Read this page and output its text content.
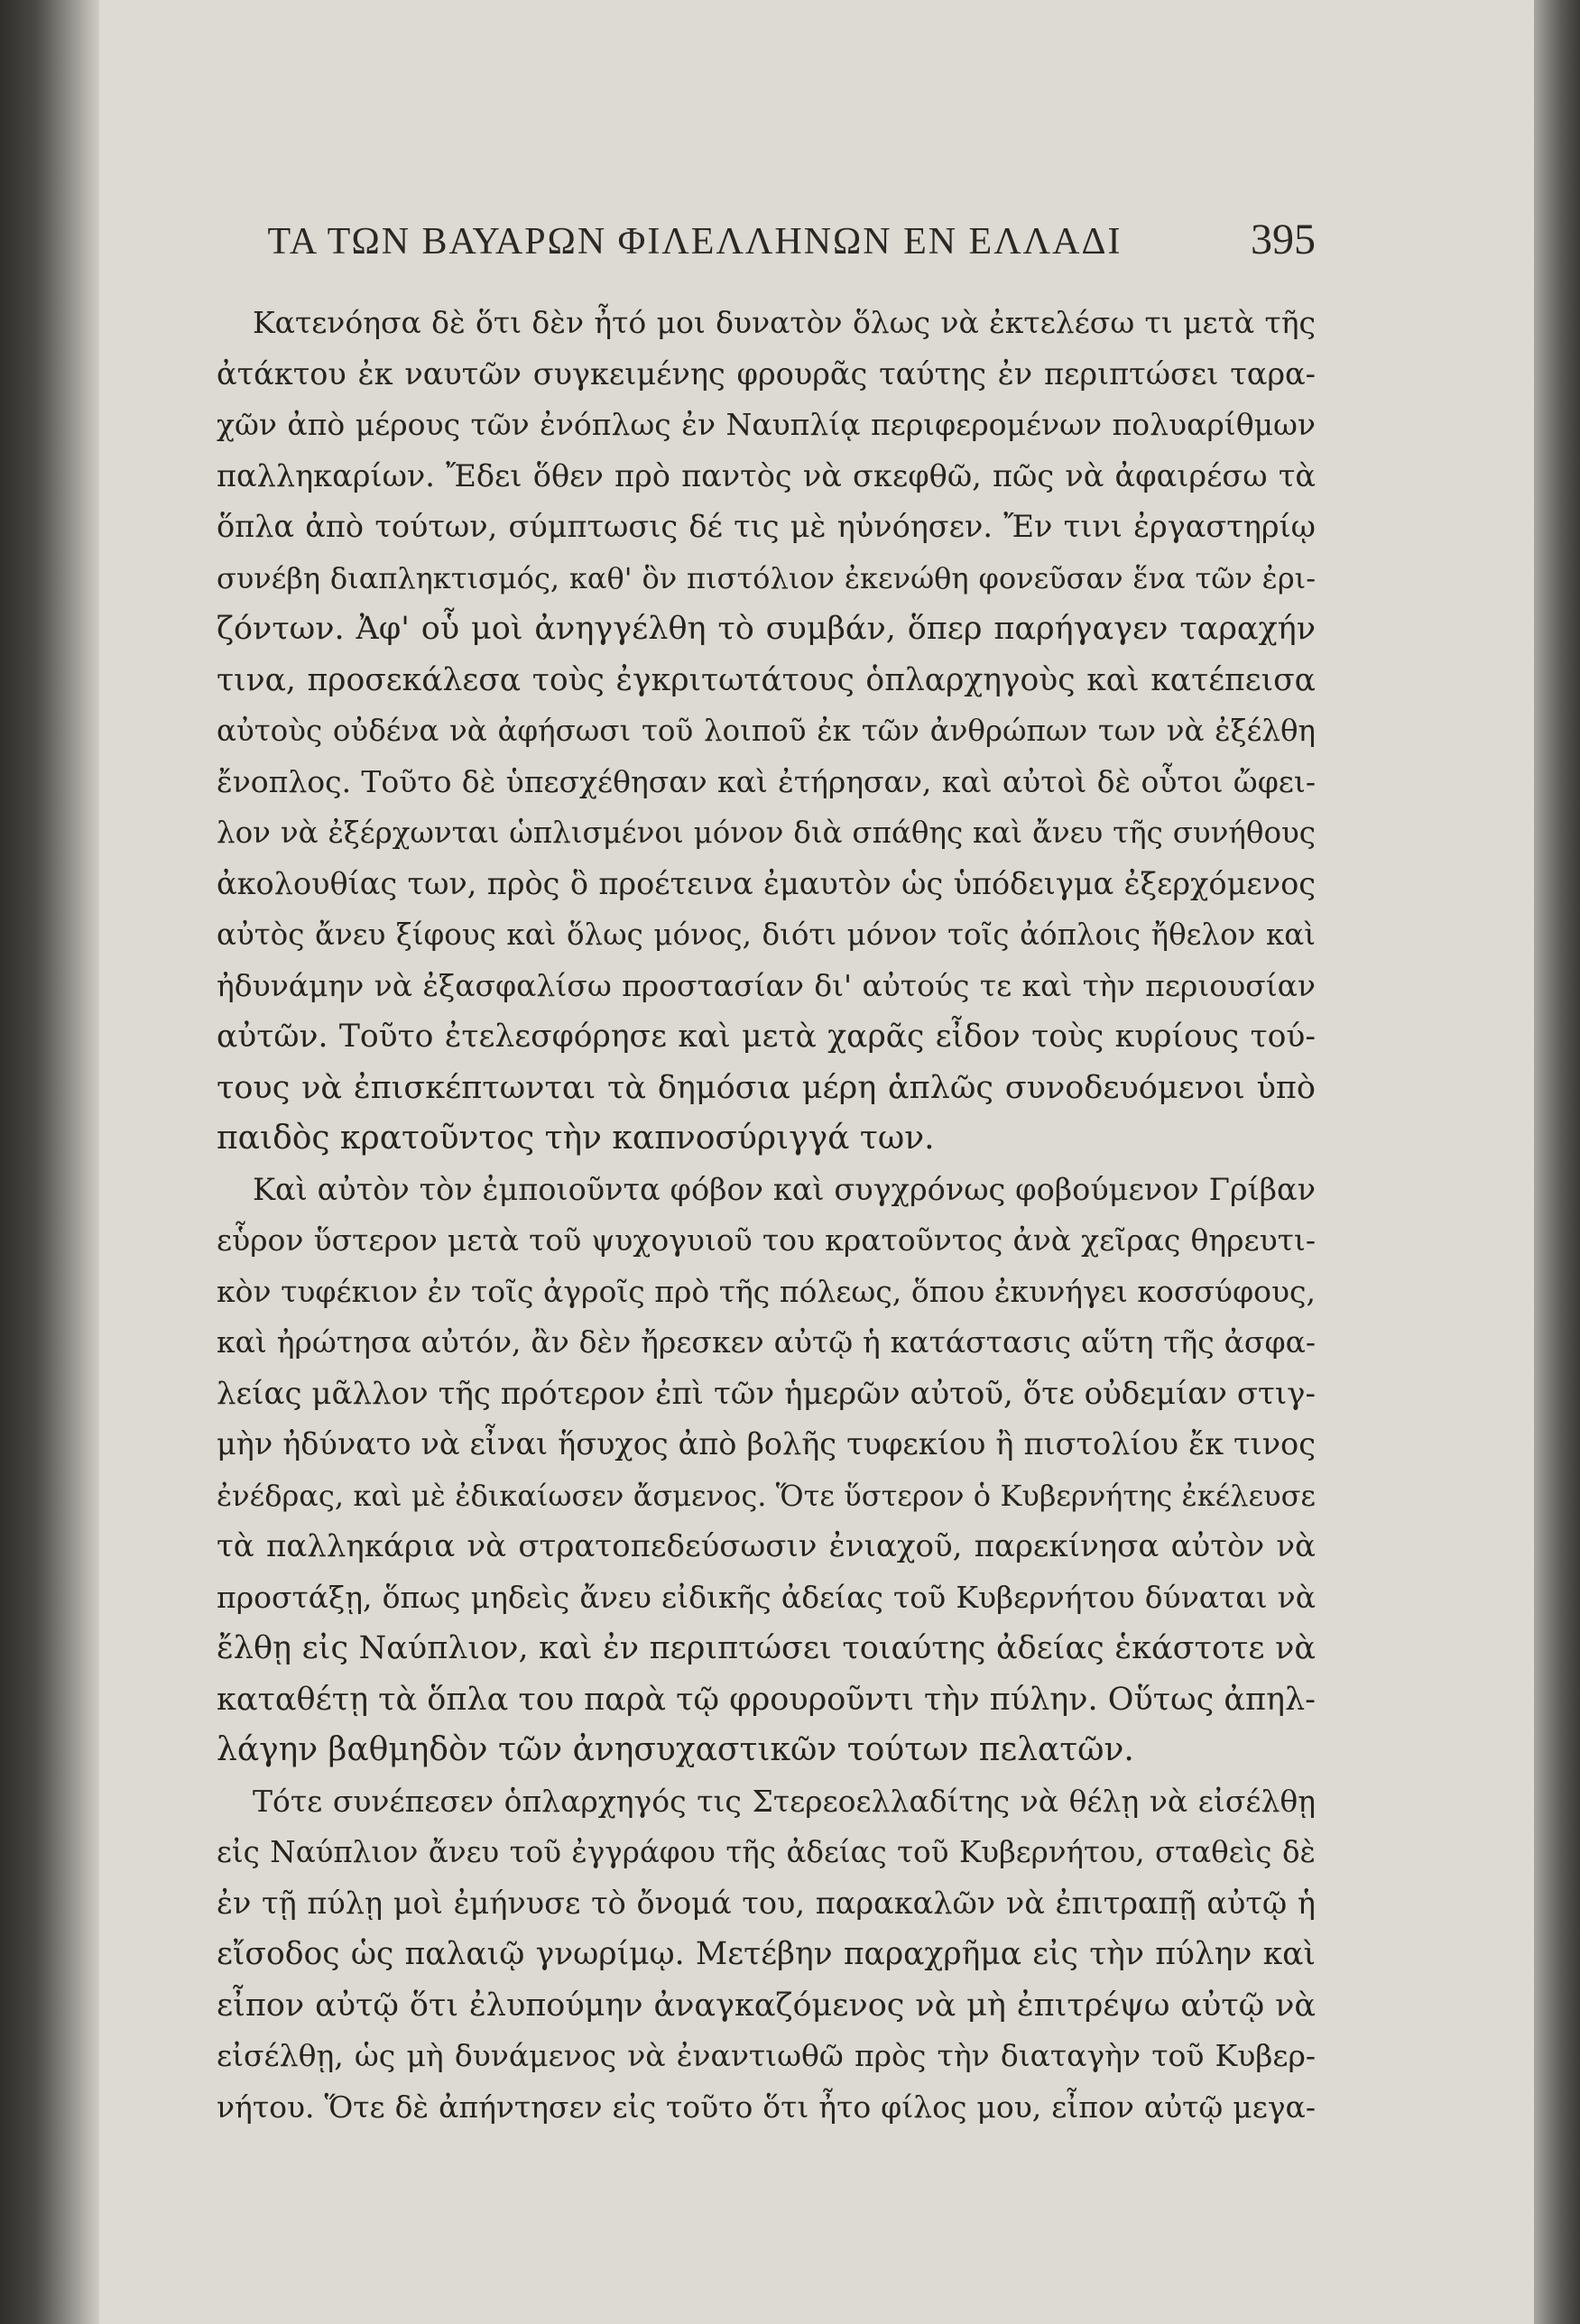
ΤΑ ΤΩΝ ΒΑΥΑΡΩΝ ΦΙΛΕΛΛΗΝΩΝ ΕΝ ΕΛΛΑΔΙ	395
Κατενόησα δὲ ὅτι δὲν ἦτό μοι δυνατὸν ὅλως νὰ ἐκτελέσω τι μετὰ τῆς
ἀτάκτου ἐκ ναυτῶν συγκειμένης φρουρᾶς ταύτης ἐν περιπτώσει ταρα-
χῶν ἀπὸ μέρους τῶν ἐνόπλως ἐν Ναυπλίᾳ περιφερομένων πολυαρίθμων
παλληκαρίων. Ἔδει ὅθεν πρὸ παντὸς νὰ σκεφθῶ, πῶς νὰ ἀφαιρέσω τὰ
ὅπλα ἀπὸ τούτων, σύμπτωσις δέ τις μὲ ηὐνόησεν. Ἔν τινι ἐργαστηρίῳ
συνέβη διαπληκτισμός, καθ' ὃν πιστόλιον ἐκενώθη φονεῦσαν ἕνα τῶν ἐρι-
ζόντων. Ἀφ' οὗ μοὶ ἀνηγγέλθη τὸ συμβάν, ὅπερ παρήγαγεν ταραχήν
τινα, προσεκάλεσα τοὺς ἐγκριτωτάτους ὁπλαρχηγοὺς καὶ κατέπεισα
αὐτοὺς οὐδένα νὰ ἀφήσωσι τοῦ λοιποῦ ἐκ τῶν ἀνθρώπων των νὰ ἐξέλθη
ἔνοπλος. Τοῦτο δὲ ὑπεσχέθησαν καὶ ἐτήρησαν, καὶ αὐτοὶ δὲ οὗτοι ὤφει-
λον νὰ ἐξέρχωνται ὡπλισμένοι μόνον διὰ σπάθης καὶ ἄνευ τῆς συνήθους
ἀκολουθίας των, πρὸς ὃ προέτεινα ἐμαυτὸν ὡς ὑπόδειγμα ἐξερχόμενος
αὐτὸς ἄνευ ξίφους καὶ ὅλως μόνος, διότι μόνον τοῖς ἀόπλοις ἤθελον καὶ
ἠδυνάμην νὰ ἐξασφαλίσω προστασίαν δι' αὐτούς τε καὶ τὴν περιουσίαν
αὐτῶν. Τοῦτο ἐτελεσφόρησε καὶ μετὰ χαρᾶς εἶδον τοὺς κυρίους τού-
τους νὰ ἐπισκέπτωνται τὰ δημόσια μέρη ἁπλῶς συνοδευόμενοι ὑπὸ
παιδὸς κρατοῦντος τὴν καπνοσύριγγά των.
Καὶ αὐτὸν τὸν ἐμποιοῦντα φόβον καὶ συγχρόνως φοβούμενον Γρίβαν
εὗρον ὕστερον μετὰ τοῦ ψυχογυιοῦ του κρατοῦντος ἀνὰ χεῖρας θηρευτι-
κὸν τυφέκιον ἐν τοῖς ἀγροῖς πρὸ τῆς πόλεως, ὅπου ἐκυνήγει κοσσύφους,
καὶ ἠρώτησα αὐτόν, ἂν δὲν ἤρεσκεν αὐτῷ ἡ κατάστασις αὕτη τῆς ἀσφα-
λείας μᾶλλον τῆς πρότερον ἐπὶ τῶν ἡμερῶν αὐτοῦ, ὅτε οὐδεμίαν στιγ-
μὴν ἠδύνατο νὰ εἶναι ἥσυχος ἀπὸ βολῆς τυφεκίου ἢ πιστολίου ἔκ τινος
ἐνέδρας, καὶ μὲ ἐδικαίωσεν ἄσμενος. Ὅτε ὕστερον ὁ Κυβερνήτης ἐκέλευσε
τὰ παλληκάρια νὰ στρατοπεδεύσωσιν ἐνιαχοῦ, παρεκίνησα αὐτὸν νὰ
προστάξῃ, ὅπως μηδεὶς ἄνευ εἰδικῆς ἀδείας τοῦ Κυβερνήτου δύναται νὰ
ἔλθῃ εἰς Ναύπλιον, καὶ ἐν περιπτώσει τοιαύτης ἀδείας ἑκάστοτε νὰ
καταθέτῃ τὰ ὅπλα του παρὰ τῷ φρουροῦντι τὴν πύλην. Οὕτως ἀπηλ-
λάγην βαθμηδὸν τῶν ἀνησυχαστικῶν τούτων πελατῶν.
Τότε συνέπεσεν ὁπλαρχηγός τις Στερεοελλαδίτης νὰ θέλῃ νὰ εἰσέλθῃ
εἰς Ναύπλιον ἄνευ τοῦ ἐγγράφου τῆς ἀδείας τοῦ Κυβερνήτου, σταθεὶς δὲ
ἐν τῇ πύλῃ μοὶ ἐμήνυσε τὸ ὄνομά του, παρακαλῶν νὰ ἐπιτραπῇ αὐτῷ ἡ
εἴσοδος ὡς παλαιῷ γνωρίμῳ. Μετέβην παραχρῆμα εἰς τὴν πύλην καὶ
εἶπον αὐτῷ ὅτι ἐλυπούμην ἀναγκαζόμενος νὰ μὴ ἐπιτρέψω αὐτῷ νὰ
εἰσέλθῃ, ὡς μὴ δυνάμενος νὰ ἐναντιωθῶ πρὸς τὴν διαταγὴν τοῦ Κυβερ-
νήτου. Ὅτε δὲ ἀπήντησεν εἰς τοῦτο ὅτι ἦτο φίλος μου, εἶπον αὐτῷ μεγα-
